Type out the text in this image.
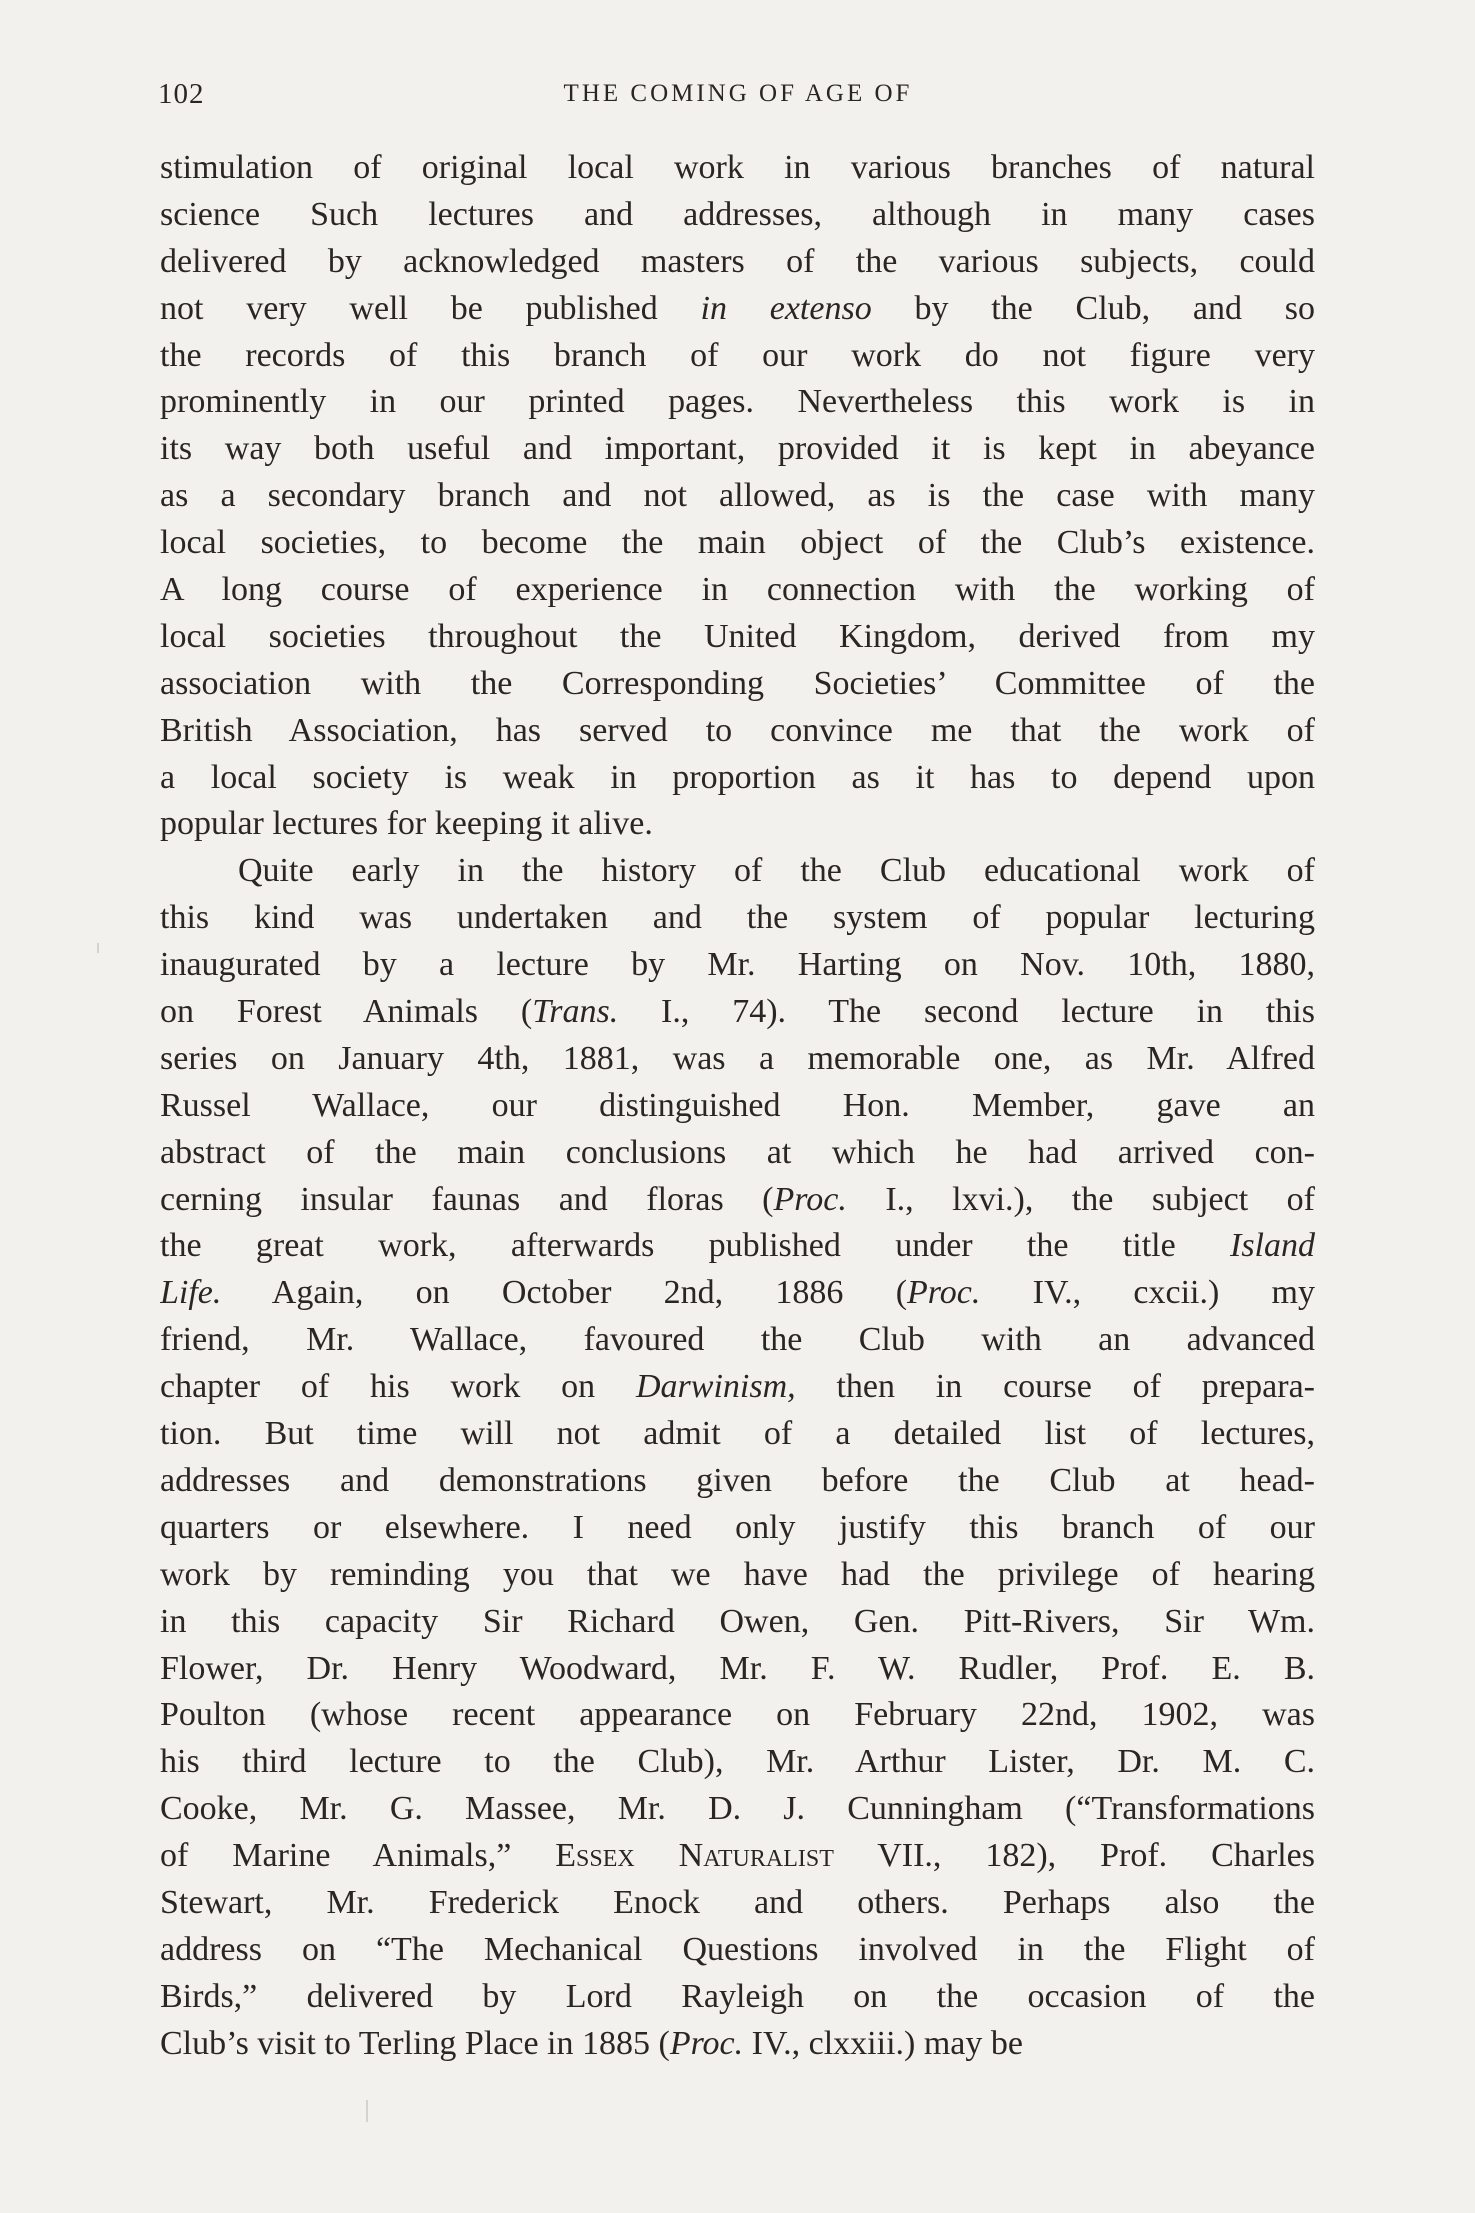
102	THE COMING OF AGE OF
stimulation of original local work in various branches of natural
science Such lectures and addresses, although in many cases
delivered by acknowledged masters of the various subjects, could
not very well be published in extenso by the Club, and so
the records of this branch of our work do not figure very
prominently in our printed pages. Nevertheless this work is in
its way both useful and important, provided it is kept in abeyance
as a secondary branch and not allowed, as is the case with many
local societies, to become the main object of the Club’s existence.
A long course of experience in connection with the working of
local societies throughout the United Kingdom, derived from my
association with the Corresponding Societies’ Committee of the
British Association, has served to convince me that the work of
a local society is weak in proportion as it has to depend upon
popular lectures for keeping it alive.
Quite early in the history of the Club educational work of
this kind was undertaken and the system of popular lecturing
inaugurated by a lecture by Mr. Harting on Nov. 10th, 1880,
on Forest Animals (Trans. I., 74). The second lecture in this
series on January 4th, 1881, was a memorable one, as Mr. Alfred
Russel Wallace, our distinguished Hon. Member, gave an
abstract of the main conclusions at which he had arrived con-
cerning insular faunas and floras (Proc. I., lxvi.), the subject of
the great work, afterwards published under the title Island
Life. Again, on October 2nd, 1886 (Proc. IV., cxcii.) my
friend, Mr. Wallace, favoured the Club with an advanced
chapter of his work on Darwinism, then in course of prepara-
tion. But time will not admit of a detailed list of lectures,
addresses and demonstrations given before the Club at head-
quarters or elsewhere. I need only justify this branch of our
work by reminding you that we have had the privilege of hearing
in this capacity Sir Richard Owen, Gen. Pitt-Rivers, Sir Wm.
Flower, Dr. Henry Woodward, Mr. F. W. Rudler, Prof. E. B.
Poulton (whose recent appearance on February 22nd, 1902, was
his third lecture to the Club), Mr. Arthur Lister, Dr. M. C.
Cooke, Mr. G. Massee, Mr. D. J. Cunningham (“Transformations
of Marine Animals,” Essex Naturalist VII., 182), Prof. Charles
Stewart, Mr. Frederick Enock and others. Perhaps also the
address on “The Mechanical Questions involved in the Flight of
Birds,” delivered by Lord Rayleigh on the occasion of the
Club’s visit to Terling Place in 1885 (Proc. IV., clxxiii.) may be
